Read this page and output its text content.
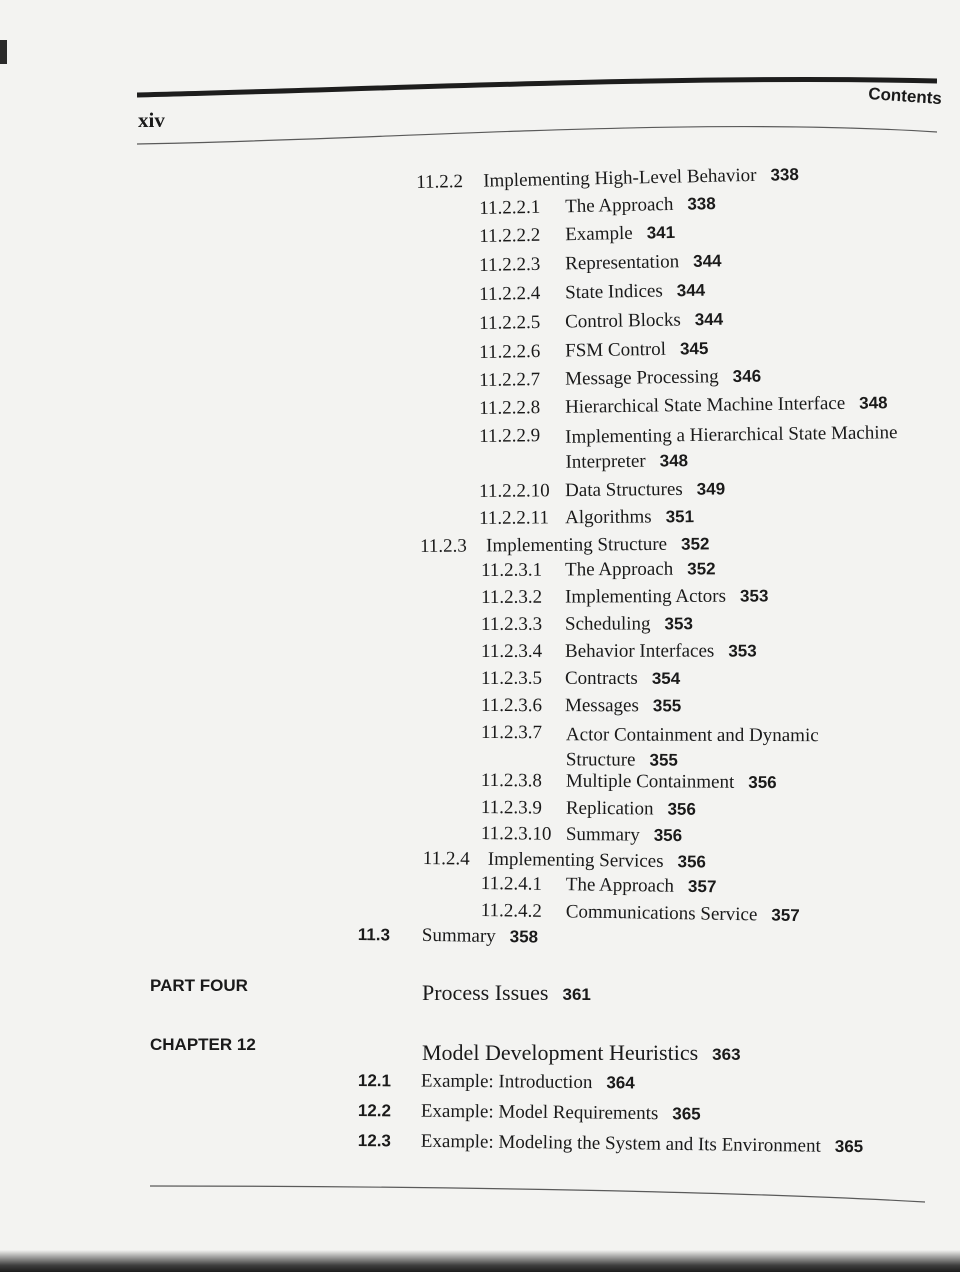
xiv
Contents
11.2.2 Implementing High-Level Behavior 338
11.2.2.1 The Approach 338
11.2.2.2 Example 341
11.2.2.3 Representation 344
11.2.2.4 State Indices 344
11.2.2.5 Control Blocks 344
11.2.2.6 FSM Control 345
11.2.2.7 Message Processing 346
11.2.2.8 Hierarchical State Machine Interface 348
11.2.2.9 Implementing a Hierarchical State Machine
Interpreter 348
11.2.2.10 Data Structures 349
11.2.2.11 Algorithms 351
11.2.3 Implementing Structure 352
11.2.3.1 The Approach 352
11.2.3.2 Implementing Actors 353
11.2.3.3 Scheduling 353
11.2.3.4 Behavior Interfaces 353
11.2.3.5 Contracts 354
11.2.3.6 Messages 355
11.2.3.7 Actor Containment and Dynamic
Structure 355
11.2.3.8 Multiple Containment 356
11.2.3.9 Replication 356
11.2.3.10 Summary 356
11.2.4 Implementing Services 356
11.2.4.1 The Approach 357
11.2.4.2 Communications Service 357
11.3 Summary 358
PART FOUR	Process Issues 361
CHAPTER 12	Model Development Heuristics 363
12.1 Example: Introduction 364
12.2 Example: Model Requirements 365
12.3 Example: Modeling the System and Its Environment 365
